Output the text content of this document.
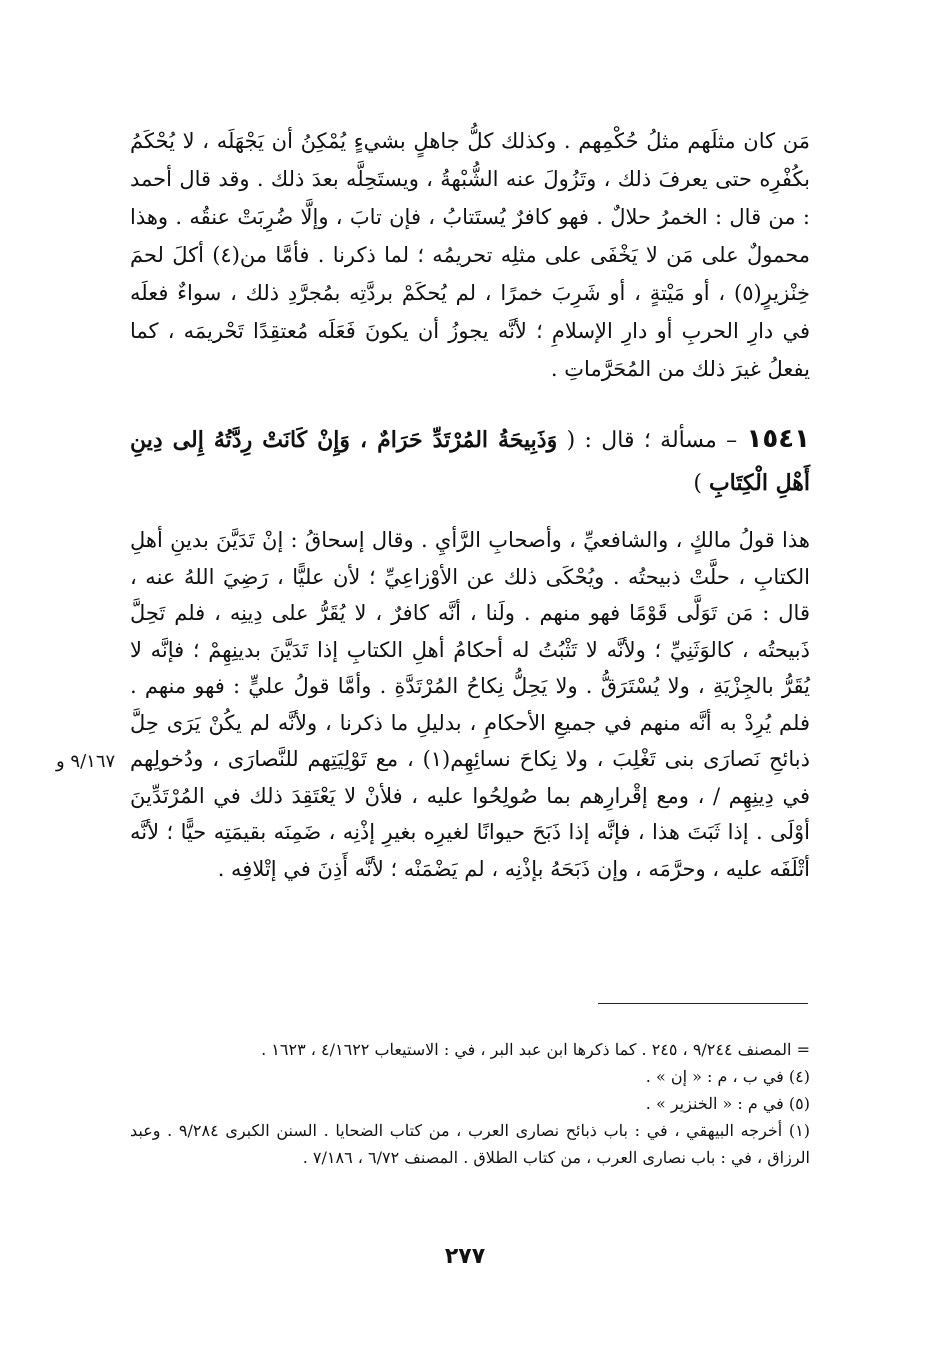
مَن كان مثلَهم مثلُ حُكْمِهم . وكذلك كلُّ جاهلٍ بشيءٍ يُمْكِنُ أن يَجْهَلَه ، لا يُحْكَمُ بكُفْرِه حتى يعرفَ ذلك ، وتَزُولَ عنه الشُّبْهةُ ، ويستَحِلَّه بعدَ ذلك . وقد قال أحمد : من قال : الخمرُ حلالٌ . فهو كافرٌ يُستَتابُ ، فإن تابَ ، وإلَّا ضُرِبَتْ عنقُه . وهذا محمولٌ على مَن لا يَخْفَى على مثلِه تحريمُه ؛ لما ذكرنا . فأمَّا من(٤) أكلَ لحمَ خِنْزيرٍ(٥) ، أو مَيْتةٍ ، أو شَرِبَ خمرًا ، لم يُحكَمْ بردَّتِه بمُجرَّدِ ذلك ، سواءٌ فعلَه في دارِ الحربِ أو دارِ الإسلامِ ؛ لأنَّه يجوزُ أن يكونَ فَعَلَه مُعتقِدًا تَحْريمَه ، كما يفعلُ غيرَ ذلك من المُحَرَّماتِ .

١٥٤١ – مسألة ؛ قال : ( وَذَبِيحَةُ المُرْتَدِّ حَرَامٌ ، وَإِنْ كَانَتْ رِدَّتُهُ إِلى دِينِ أَهْلِ الْكِتَابِ )

هذا قولُ مالكٍ ، والشافعيِّ ، وأصحابِ الرَّأيِ . وقال إسحاقُ : إنْ تَدَيَّنَ بدينِ أهلِ الكتابِ ، حلَّتْ ذبيحتُه . ويُحْكَى ذلك عن الأوْزاعِيِّ ؛ لأن عليًّا ، رَضِيَ اللهُ عنه ، قال : مَن تَوَلَّى قَوْمًا فهو منهم . ولَنا ، أنَّه كافرٌ ، لا يُقَرُّ على دِينِه ، فلم تَحِلَّ ذَبيحتُه ، كالوَثَنِيِّ ؛ ولأنَّه لا تَثْبُتُ له أحكامُ أهلِ الكتابِ إذا تَدَيَّنَ بدينِهِمْ ؛ فإنَّه لا يُقَرُّ بالجِزْيَةِ ، ولا يُسْتَرَقُّ . ولا يَحِلُّ نِكاحُ المُرْتَدَّةِ . وأمَّا قولُ عليٍّ : فهو منهم . فلم يُرِدْ به أنَّه منهم في جميعِ الأحكامِ ، بدليلِ ما ذكرنا ، ولأنَّه لم يكُنْ يَرَى حِلَّ ذبائحِ نَصارَى بنى تَغْلِبَ ، ولا نِكاحَ نسائِهِم(١) ، مع تَوْلِيَتِهم للنَّصارَى ، ودُخولِهم في دِينِهِم / ، ومع إقْرارِهم بما صُولِحُوا عليه ، فلأنْ لا يَعْتَقِدَ ذلك في المُرْتَدِّينَ أوْلَى . إذا ثَبَتَ هذا ، فإنَّه إذا ذَبَحَ حيوانًا لغيرِه بغيرِ إذْنِه ، ضَمِنَه بقيمَتِه حيًّا ؛ لأنَّه أتْلَفَه عليه ، وحرَّمَه ، وإن ذَبَحَهُ بإذْنِه ، لم يَضْمَنْه ؛ لأنَّه أَذِنَ في إتْلافِه .

٩/١٦٧ و
= المصنف ٩/٢٤٤ ، ٢٤٥ . كما ذكرها ابن عبد البر ، في : الاستيعاب ٤/١٦٢٢ ، ١٦٢٣ .
(٤) في ب ، م : « إن » .
(٥) في م : « الخنزير » .
(١) أخرجه البيهقي ، في : باب ذبائح نصارى العرب ، من كتاب الضحايا . السنن الكبرى ٩/٢٨٤ . وعبد الرزاق ، في : باب نصارى العرب ، من كتاب الطلاق . المصنف ٦/٧٢ ، ٧/١٨٦ .
٢٧٧
